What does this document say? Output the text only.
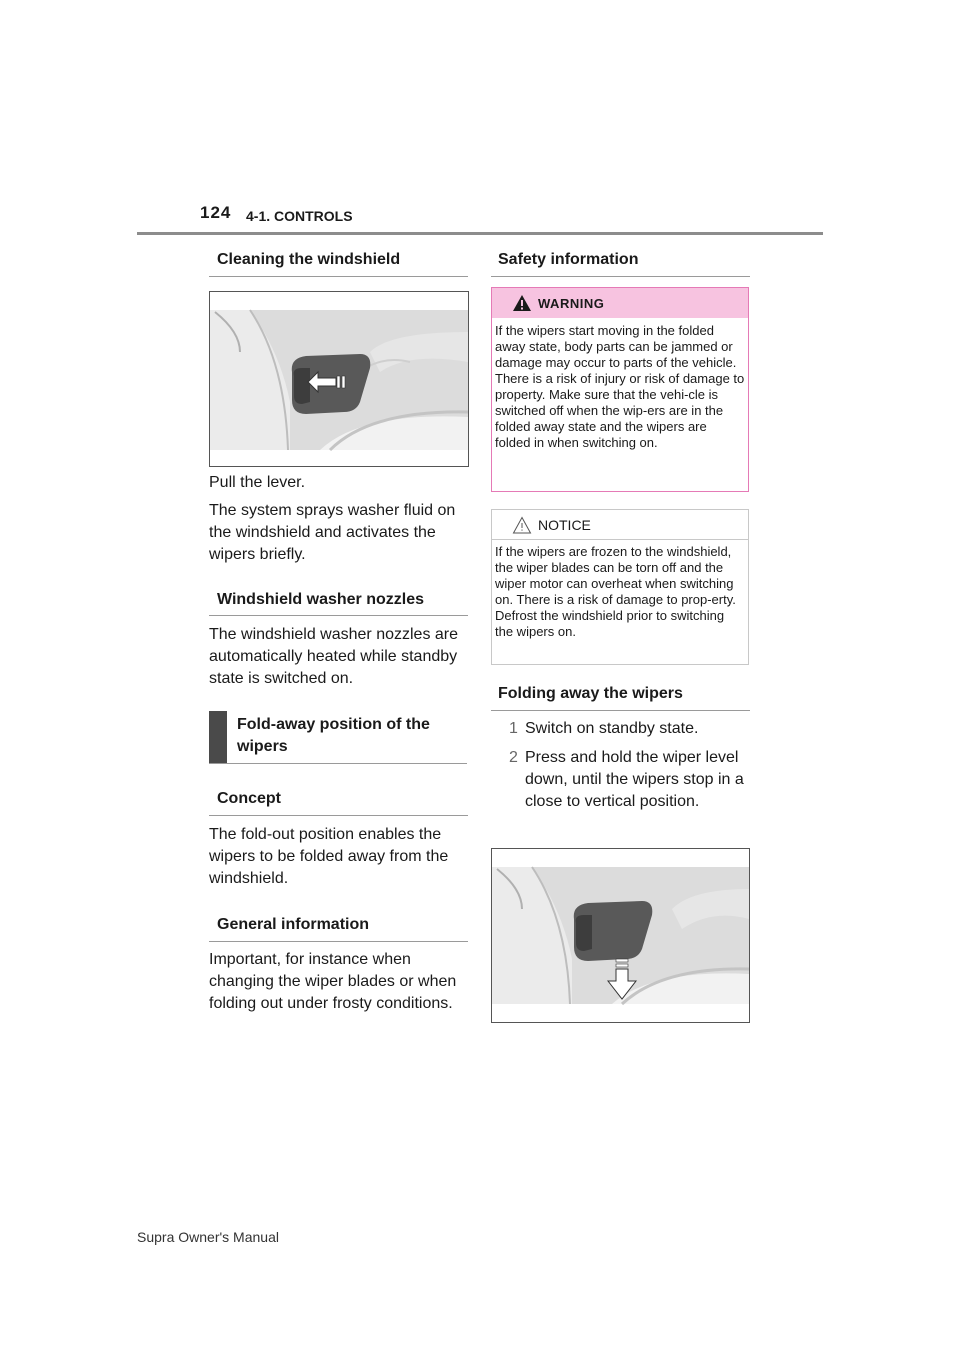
124 4-1. CONTROLS
Cleaning the windshield

Pull the lever.

The system sprays washer fluid on the windshield and activates the wipers briefly.

Windshield washer nozzles
The windshield washer nozzles are automatically heated while standby state is switched on.
Fold-away position of the wipers
Concept
The fold-out position enables the wipers to be folded away from the windshield.
General information
Important, for instance when changing the wiper blades or when folding out under frosty conditions.
Safety information
WARNING
If the wipers start moving in the folded away state, body parts can be jammed or damage may occur to parts of the vehicle. There is a risk of injury or risk of damage to property. Make sure that the vehi-cle is switched off when the wip-ers are in the folded away state and the wipers are folded in when switching on.
NOTICE
If the wipers are frozen to the windshield, the wiper blades can be torn off and the wiper motor can overheat when switching on. There is a risk of damage to prop-erty. Defrost the windshield prior to switching the wipers on.
Folding away the wipers
1 Switch on standby state.
2 Press and hold the wiper level down, until the wipers stop in a close to vertical position.
Supra Owner's Manual
